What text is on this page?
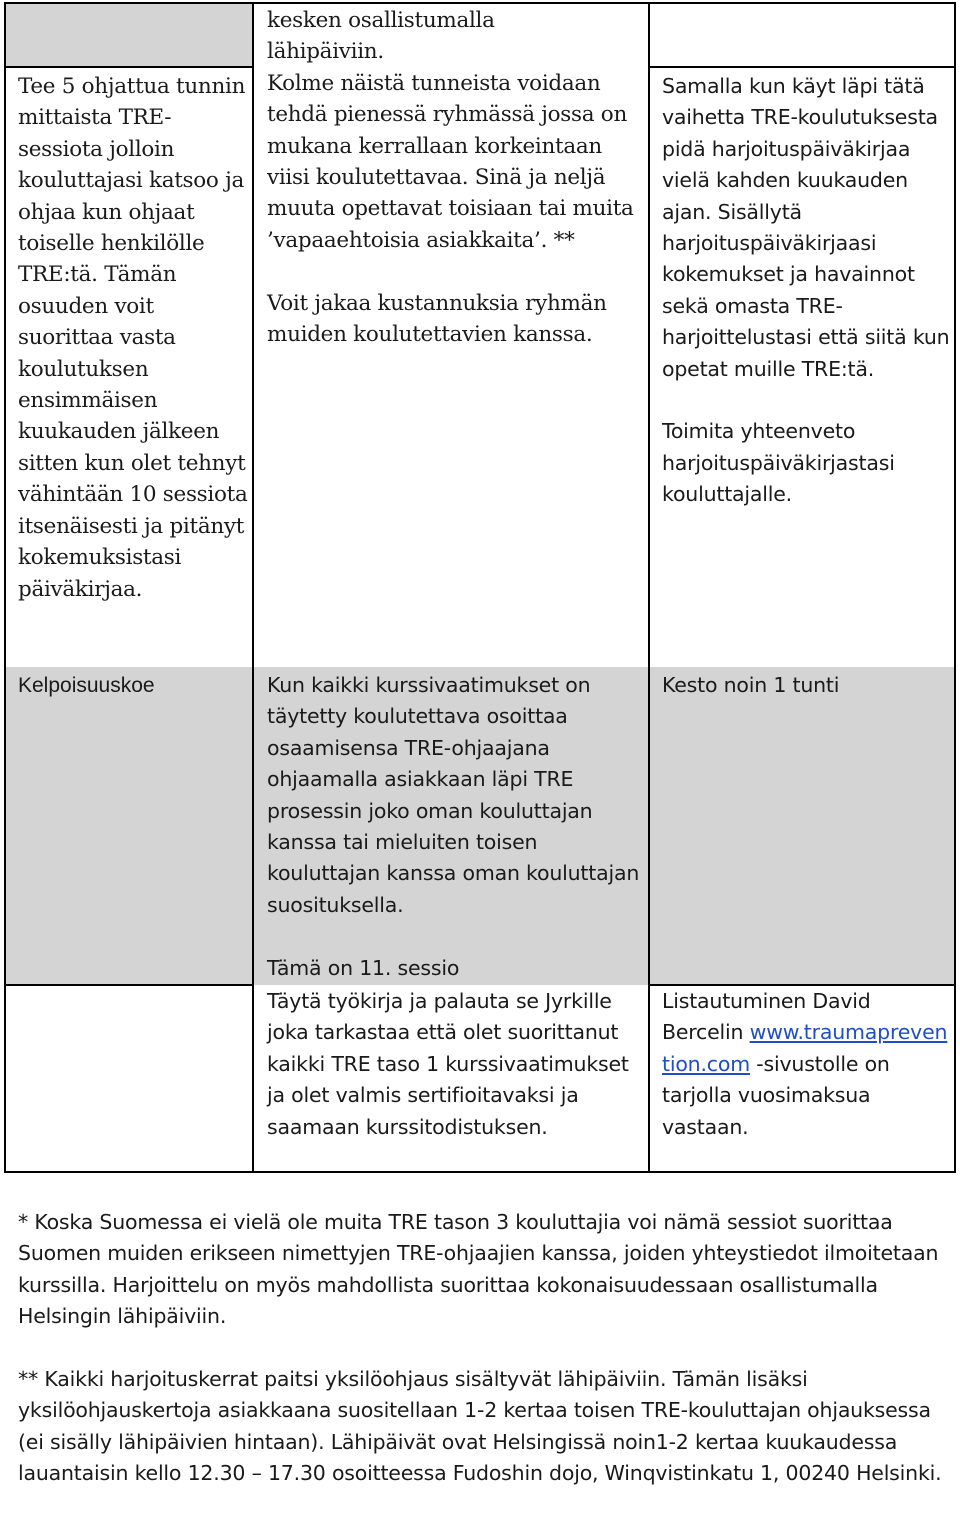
Tee 5 ohjattua tunnin mittaista TRE-sessiota jolloin kouluttajasi katsoo ja ohjaa kun ohjaat toiselle henkilölle TRE:tä. Tämän osuuden voit suorittaa vasta koulutuksen ensimmäisen kuukauden jälkeen sitten kun olet tehnyt vähintään 10 sessiota itsenäisesti ja pitänyt kokemuksistasi päiväkirjaa.

kesken osallistumalla lähipäiviin.

Kolme näistä tunneista voidaan tehdä pienessä ryhmässä jossa on mukana kerrallaan korkeintaan viisi koulutettavaa. Sinä ja neljä muuta opettavat toisiaan tai muita ’vapaaehtoisia asiakkaita’. **

Voit jakaa kustannuksia ryhmän muiden koulutettavien kanssa.

Samalla kun käyt läpi tätä vaihetta TRE-koulutuksesta pidä harjoituspäiväkirjaa vielä kahden kuukauden ajan. Sisällytä harjoituspäiväkirjaasi kokemukset ja havainnot sekä omasta TRE-harjoittelustasi että siitä kun opetat muille TRE:tä.

Toimita yhteenveto harjoituspäiväkirjastasi kouluttajalle.

Kelpoisuuskoe	Kun kaikki kurssivaatimukset on täytetty koulutettava osoittaa osaamisensa TRE-ohjaajana ohjaamalla asiakkaan läpi TRE prosessin joko oman kouluttajan kanssa tai mieluiten toisen kouluttajan kanssa oman kouluttajan suosituksella.

Tämä on 11. sessio

Kesto noin 1 tunti

Täytä työkirja ja palauta se Jyrkille joka tarkastaa että olet suorittanut kaikki TRE taso 1 kurssivaatimukset ja olet valmis sertifioitavaksi ja saamaan kurssitodistuksen.

Listautuminen David Bercelin www.traumaprevention.com -sivustolle on tarjolla vuosimaksua vastaan.

* Koska Suomessa ei vielä ole muita TRE tason 3 kouluttajia voi nämä sessiot suorittaa Suomen muiden erikseen nimettyjen TRE-ohjaajien kanssa, joiden yhteystiedot ilmoitetaan kurssilla. Harjoittelu on myös mahdollista suorittaa kokonaisuudessaan osallistumalla Helsingin lähipäiviin.

** Kaikki harjoituskerrat paitsi yksilöohjaus sisältyvät lähipäiviin. Tämän lisäksi yksilöohjauskertoja asiakkaana suositellaan 1-2 kertaa toisen TRE-kouluttajan ohjauksessa (ei sisälly lähipäivien hintaan). Lähipäivät ovat Helsingissä noin1-2 kertaa kuukaudessa lauantaisin kello 12.30 – 17.30 osoitteessa Fudoshin dojo, Winqvistinkatu 1, 00240 Helsinki.
